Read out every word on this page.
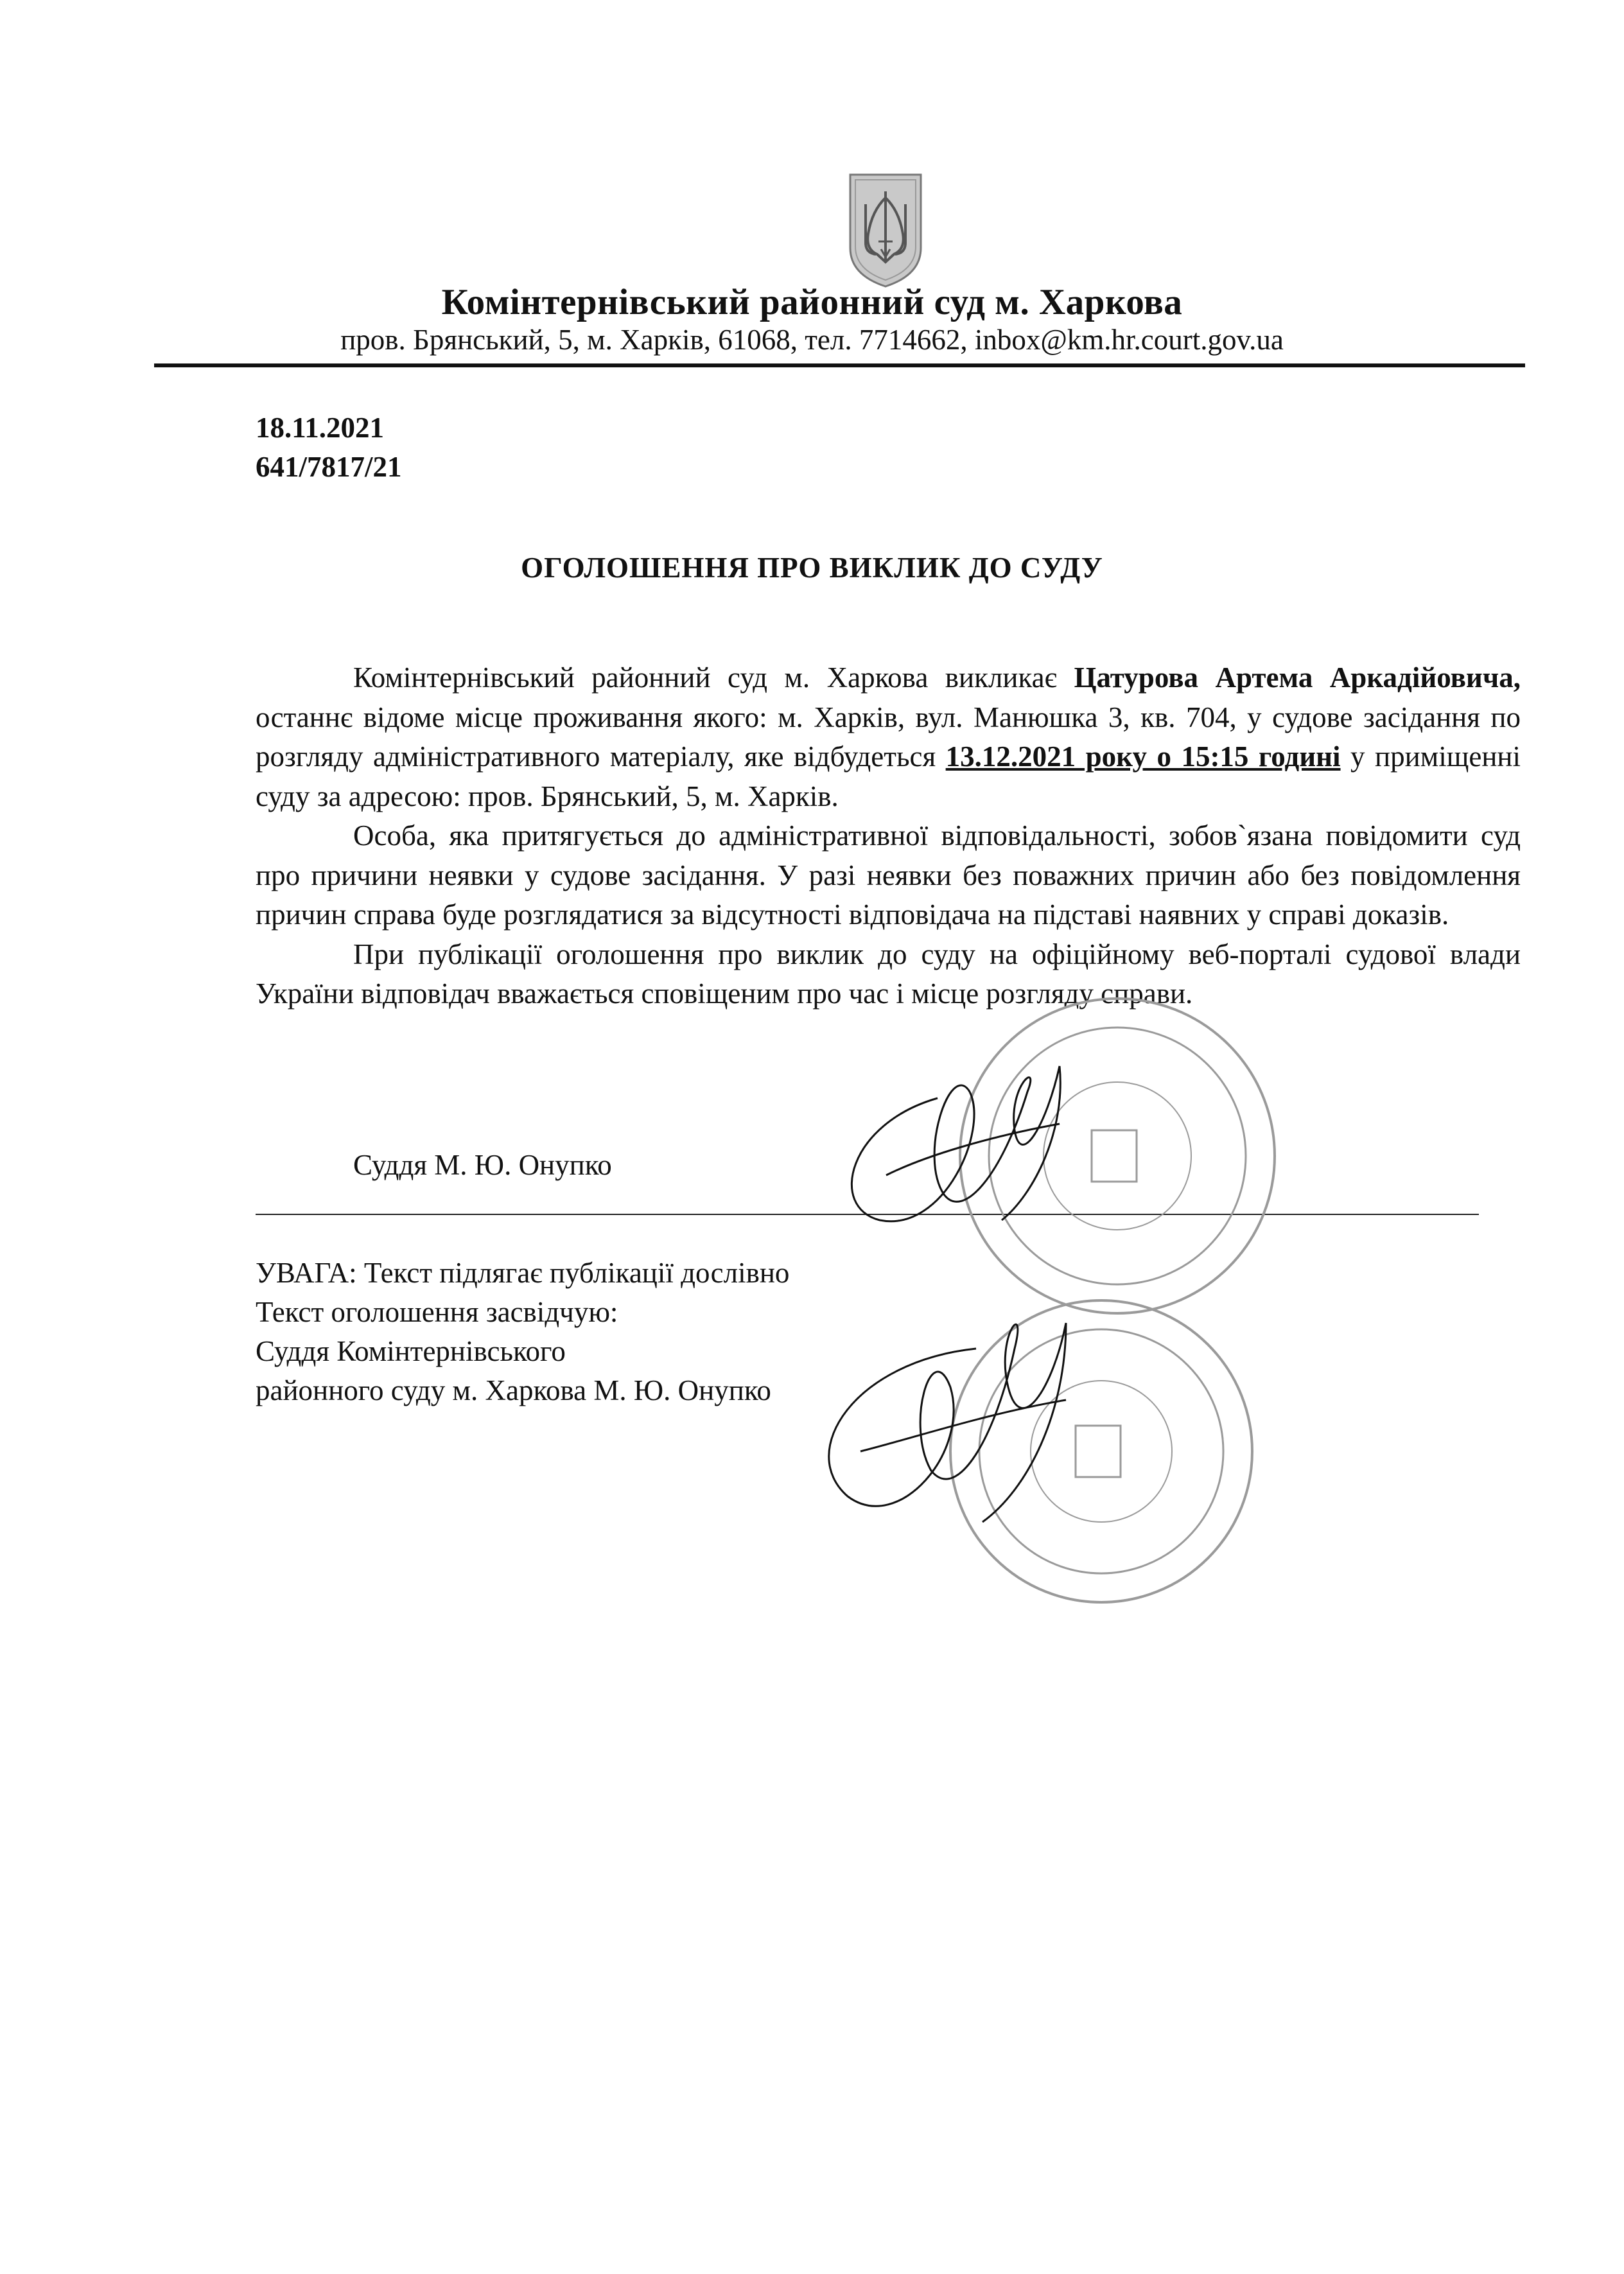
Комінтернівський районний суд м. Харкова
пров. Брянський, 5, м. Харків, 61068, тел. 7714662, inbox@km.hr.court.gov.ua
18.11.2021
641/7817/21
ОГОЛОШЕННЯ ПРО ВИКЛИК ДО СУДУ

Комінтернівський районний суд м. Харкова викликає Цатурова Артема Аркадійовича, останнє відоме місце проживання якого: м. Харків, вул. Манюшка 3, кв. 704, у судове засідання по розгляду адміністративного матеріалу, яке відбудеться 13.12.2021 року о 15:15 годині у приміщенні суду за адресою: пров. Брянський, 5, м. Харків.

Особа, яка притягується до адміністративної відповідальності, зобов`язана повідомити суд про причини неявки у судове засідання. У разі неявки без поважних причин або без повідомлення причин справа буде розглядатися за відсутності відповідача на підставі наявних у справі доказів.

При публікації оголошення про виклик до суду на офіційному веб-порталі судової влади України відповідач вважається сповіщеним про час і місце розгляду справи.

Суддя М. Ю. Онупко
УВАГА: Текст підлягає публікації дослівно
Текст оголошення засвідчую:
Суддя Комінтернівського
районного суду м. Харкова М. Ю. Онупко
